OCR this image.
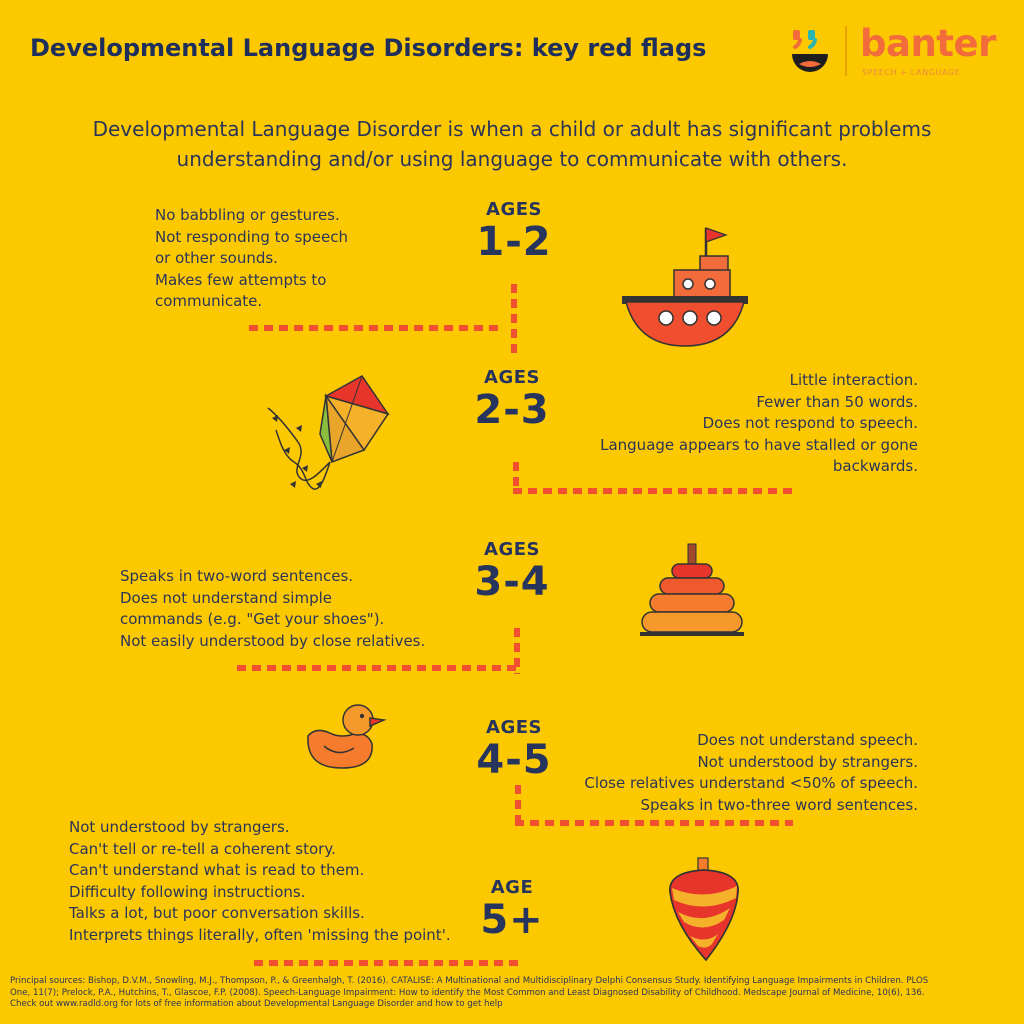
Developmental Language Disorders: key red flags	banter
SPEECH + LANGUAGE
Developmental Language Disorder is when a child or adult has significant problems
understanding and/or using language to communicate with others.
AGES
1-2
No babbling or gestures.
Not responding to speech
or other sounds.
Makes few attempts to
communicate.
AGES
2-3
Little interaction.
Fewer than 50 words.
Does not respond to speech.
Language appears to have stalled or gone
backwards.
AGES
3-4
Speaks in two-word sentences.
Does not understand simple
commands (e.g. "Get your shoes").
Not easily understood by close relatives.
AGES
4-5	Does not understand speech.
Not understood by strangers.
Close relatives understand <50% of speech.
Speaks in two-three word sentences.
AGE
5+
Not understood by strangers.
Can't tell or re-tell a coherent story.
Can't understand what is read to them.
Difficulty following instructions.
Talks a lot, but poor conversation skills.
Interprets things literally, often 'missing the point'.
Principal sources: Bishop, D.V.M., Snowling, M.J., Thompson, P., & Greenhalgh, T. (2016). CATALISE: A Multinational and Multidisciplinary Delphi Consensus Study. Identifying Language Impairments in Children. PLOS
One, 11(7); Prelock, P.A., Hutchins, T., Glascoe, F.P. (2008). Speech-Language Impairment: How to identify the Most Common and Least Diagnosed Disability of Childhood. Medscape Journal of Medicine, 10(6), 136.
Check out www.radld.org for lots of free information about Developmental Language Disorder and how to get help
